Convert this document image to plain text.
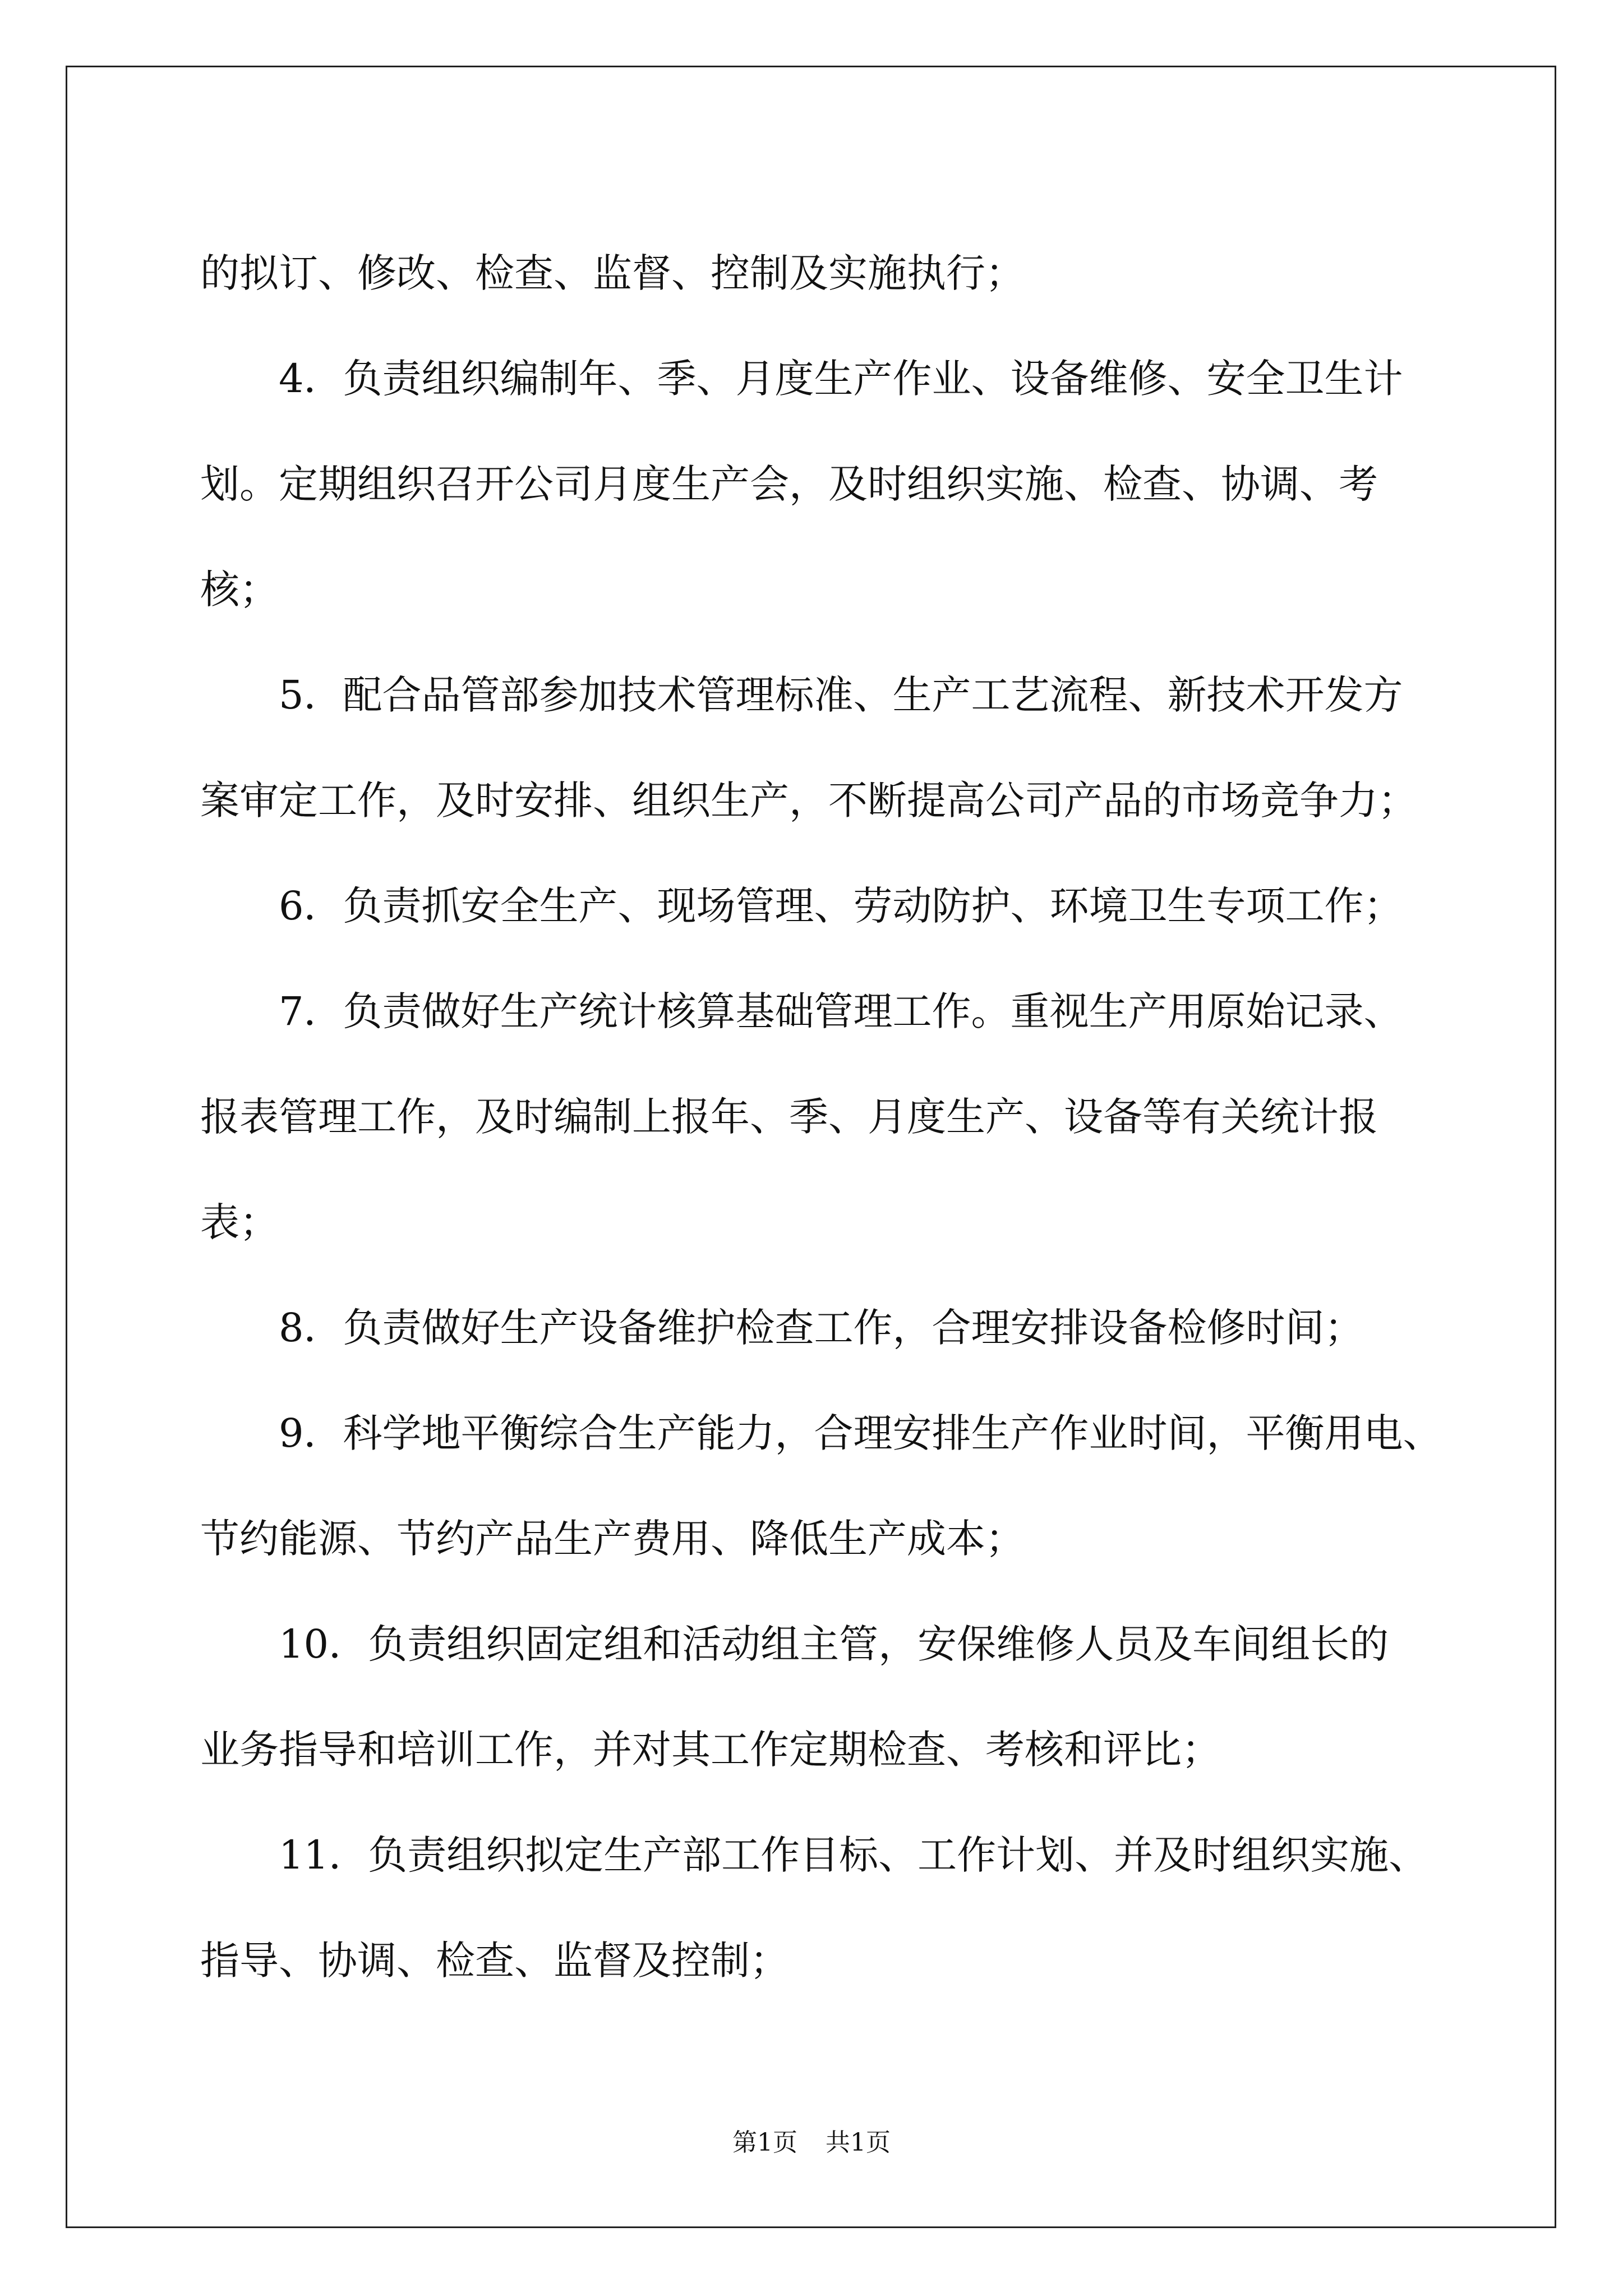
的拟订、修改、检查、监督、控制及实施执行；
4．负责组织编制年、季、月度生产作业、设备维修、安全卫生计
划。定期组织召开公司月度生产会，及时组织实施、检查、协调、考
核；
5．配合品管部参加技术管理标准、生产工艺流程、新技术开发方
案审定工作，及时安排、组织生产，不断提高公司产品的市场竞争力；
6．负责抓安全生产、现场管理、劳动防护、环境卫生专项工作；
7．负责做好生产统计核算基础管理工作。重视生产用原始记录、
报表管理工作，及时编制上报年、季、月度生产、设备等有关统计报
表；
8．负责做好生产设备维护检查工作，合理安排设备检修时间；
9．科学地平衡综合生产能力，合理安排生产作业时间，平衡用电、
节约能源、节约产品生产费用、降低生产成本；
10．负责组织固定组和活动组主管，安保维修人员及车间组长的
业务指导和培训工作，并对其工作定期检查、考核和评比；
11．负责组织拟定生产部工作目标、工作计划、并及时组织实施、
指导、协调、检查、监督及控制；
第1页 共1页
